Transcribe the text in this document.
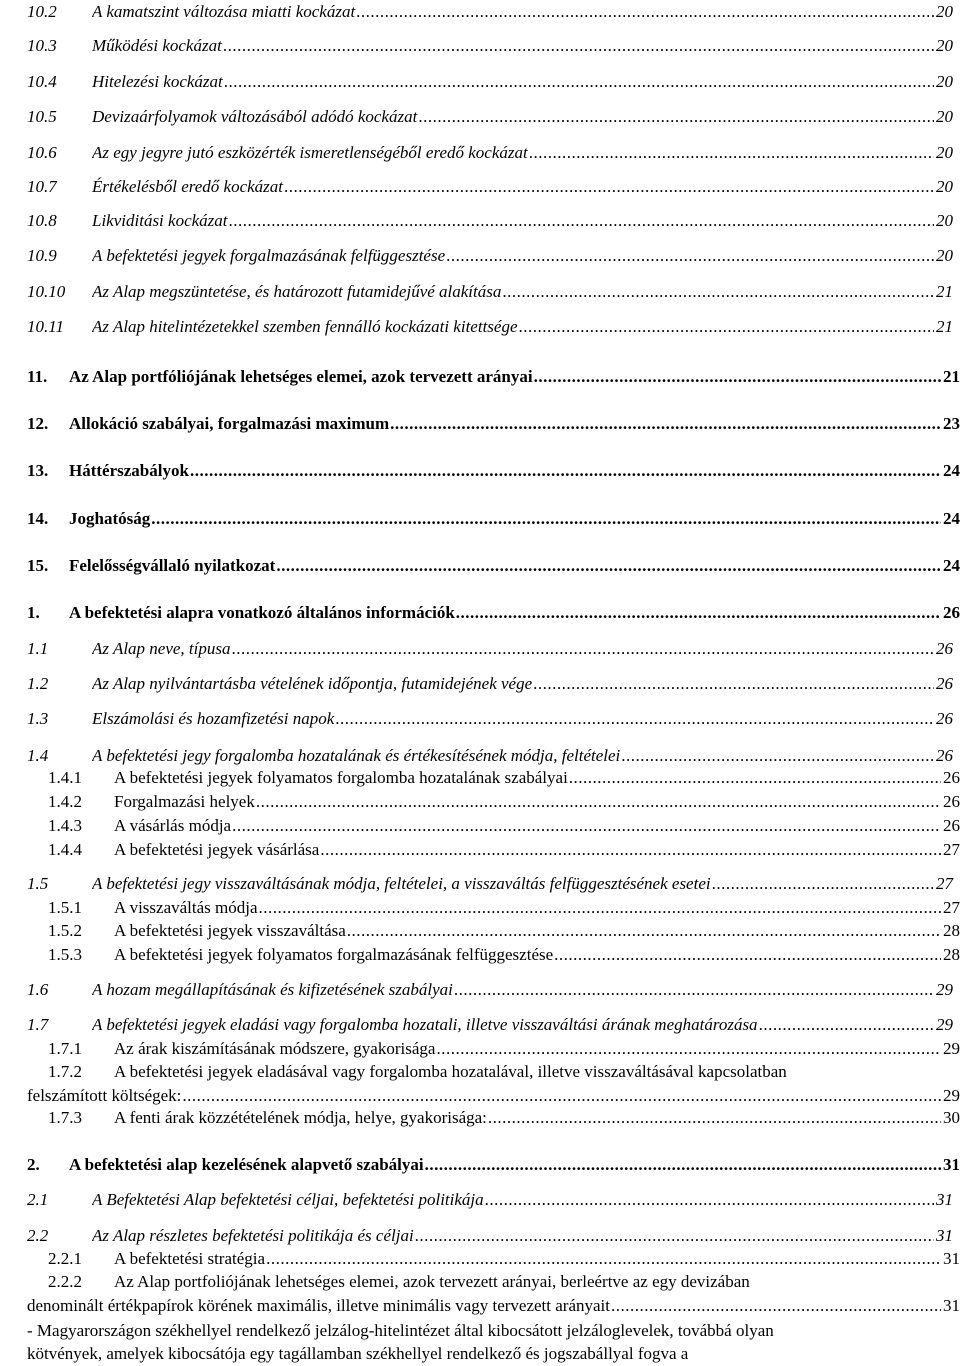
10.2 A kamatszint változása miatti kockázat .....	20
10.3 Működési kockázat .....	20
10.4 Hitelezési kockázat .....	20
10.5 Devizaárfolyamok változásából adódó kockázat .....	20
10.6 Az egy jegyre jutó eszközérték ismeretlenségéből eredő kockázat .....	20
10.7 Értékelésből eredő kockázat .....	20
10.8 Likviditási kockázat .....	20
10.9 A befektetési jegyek forgalmazásának felfüggesztése .....	20
10.10 Az Alap megszüntetése, és határozott futamidejűvé alakítása .....	21
10.11 Az Alap hitelintézetekkel szemben fennálló kockázati kitettsége .....	21
11. Az Alap portfóliójának lehetséges elemei, azok tervezett arányai .....	21
12. Allokáció szabályai, forgalmazási maximum .....	23
13. Háttérszabályok .....	24
14. Joghatóság .....	24
15. Felelősségvállaló nyilatkozat .....	24
1. A befektetési alapra vonatkozó általános információk .....	26
1.1	Az Alap neve, típusa .....	26
1.2	Az Alap nyilvántartásba vételének időpontja, futamidejének vége .....	26
1.3	Elszámolási és hozamfizetési napok .....	26
1.4	A befektetési jegy forgalomba hozatalának és értékesítésének módja, feltételei .....	26
1.4.1 A befektetési jegyek folyamatos forgalomba hozatalának szabályai .....	26
1.4.2 Forgalmazási helyek .....	26
1.4.3 A vásárlás módja .....	26
1.4.4 A befektetési jegyek vásárlása .....	27
1.5	A befektetési jegy visszaváltásának módja, feltételei, a visszaváltás felfüggesztésének esetei .....	27
1.5.1 A visszaváltás módja .....	27
1.5.2 A befektetési jegyek visszaváltása .....	28
1.5.3 A befektetési jegyek folyamatos forgalmazásának felfüggesztése .....	28
1.6	A hozam megállapításának és kifizetésének szabályai .....	29
1.7	A befektetési jegyek eladási vagy forgalomba hozatali, illetve visszaváltási árának meghatározása .....	29
1.7.1 Az árak kiszámításának módszere, gyakorisága .....	29
1.7.2 A befektetési jegyek eladásával vagy forgalomba hozatalával, illetve visszaváltásával kapcsolatban
felszámított költségek: .....	29
1.7.3 A fenti árak közzétételének módja, helye, gyakorisága: .....	30
2. A befektetési alap kezelésének alapvető szabályai .....	31
2.1	A Befektetési Alap befektetési céljai, befektetési politikája .....	31
2.2	Az Alap részletes befektetési politikája és céljai .....	31
2.2.1 A befektetési stratégia .....	31
2.2.2 Az Alap portfoliójának lehetséges elemei, azok tervezett arányai, berleértve az egy devizában
denominált értékpapírok körének maximális, illetve minimális vagy tervezett arányait .....	31
- Magyarországon székhellyel rendelkező jelzálog-hitelintézet által kibocsátott jelzáloglevelek, továbbá olyan
kötvények, amelyek kibocsátója egy tagállamban székhellyel rendelkező és jogszabállyal fogva a
